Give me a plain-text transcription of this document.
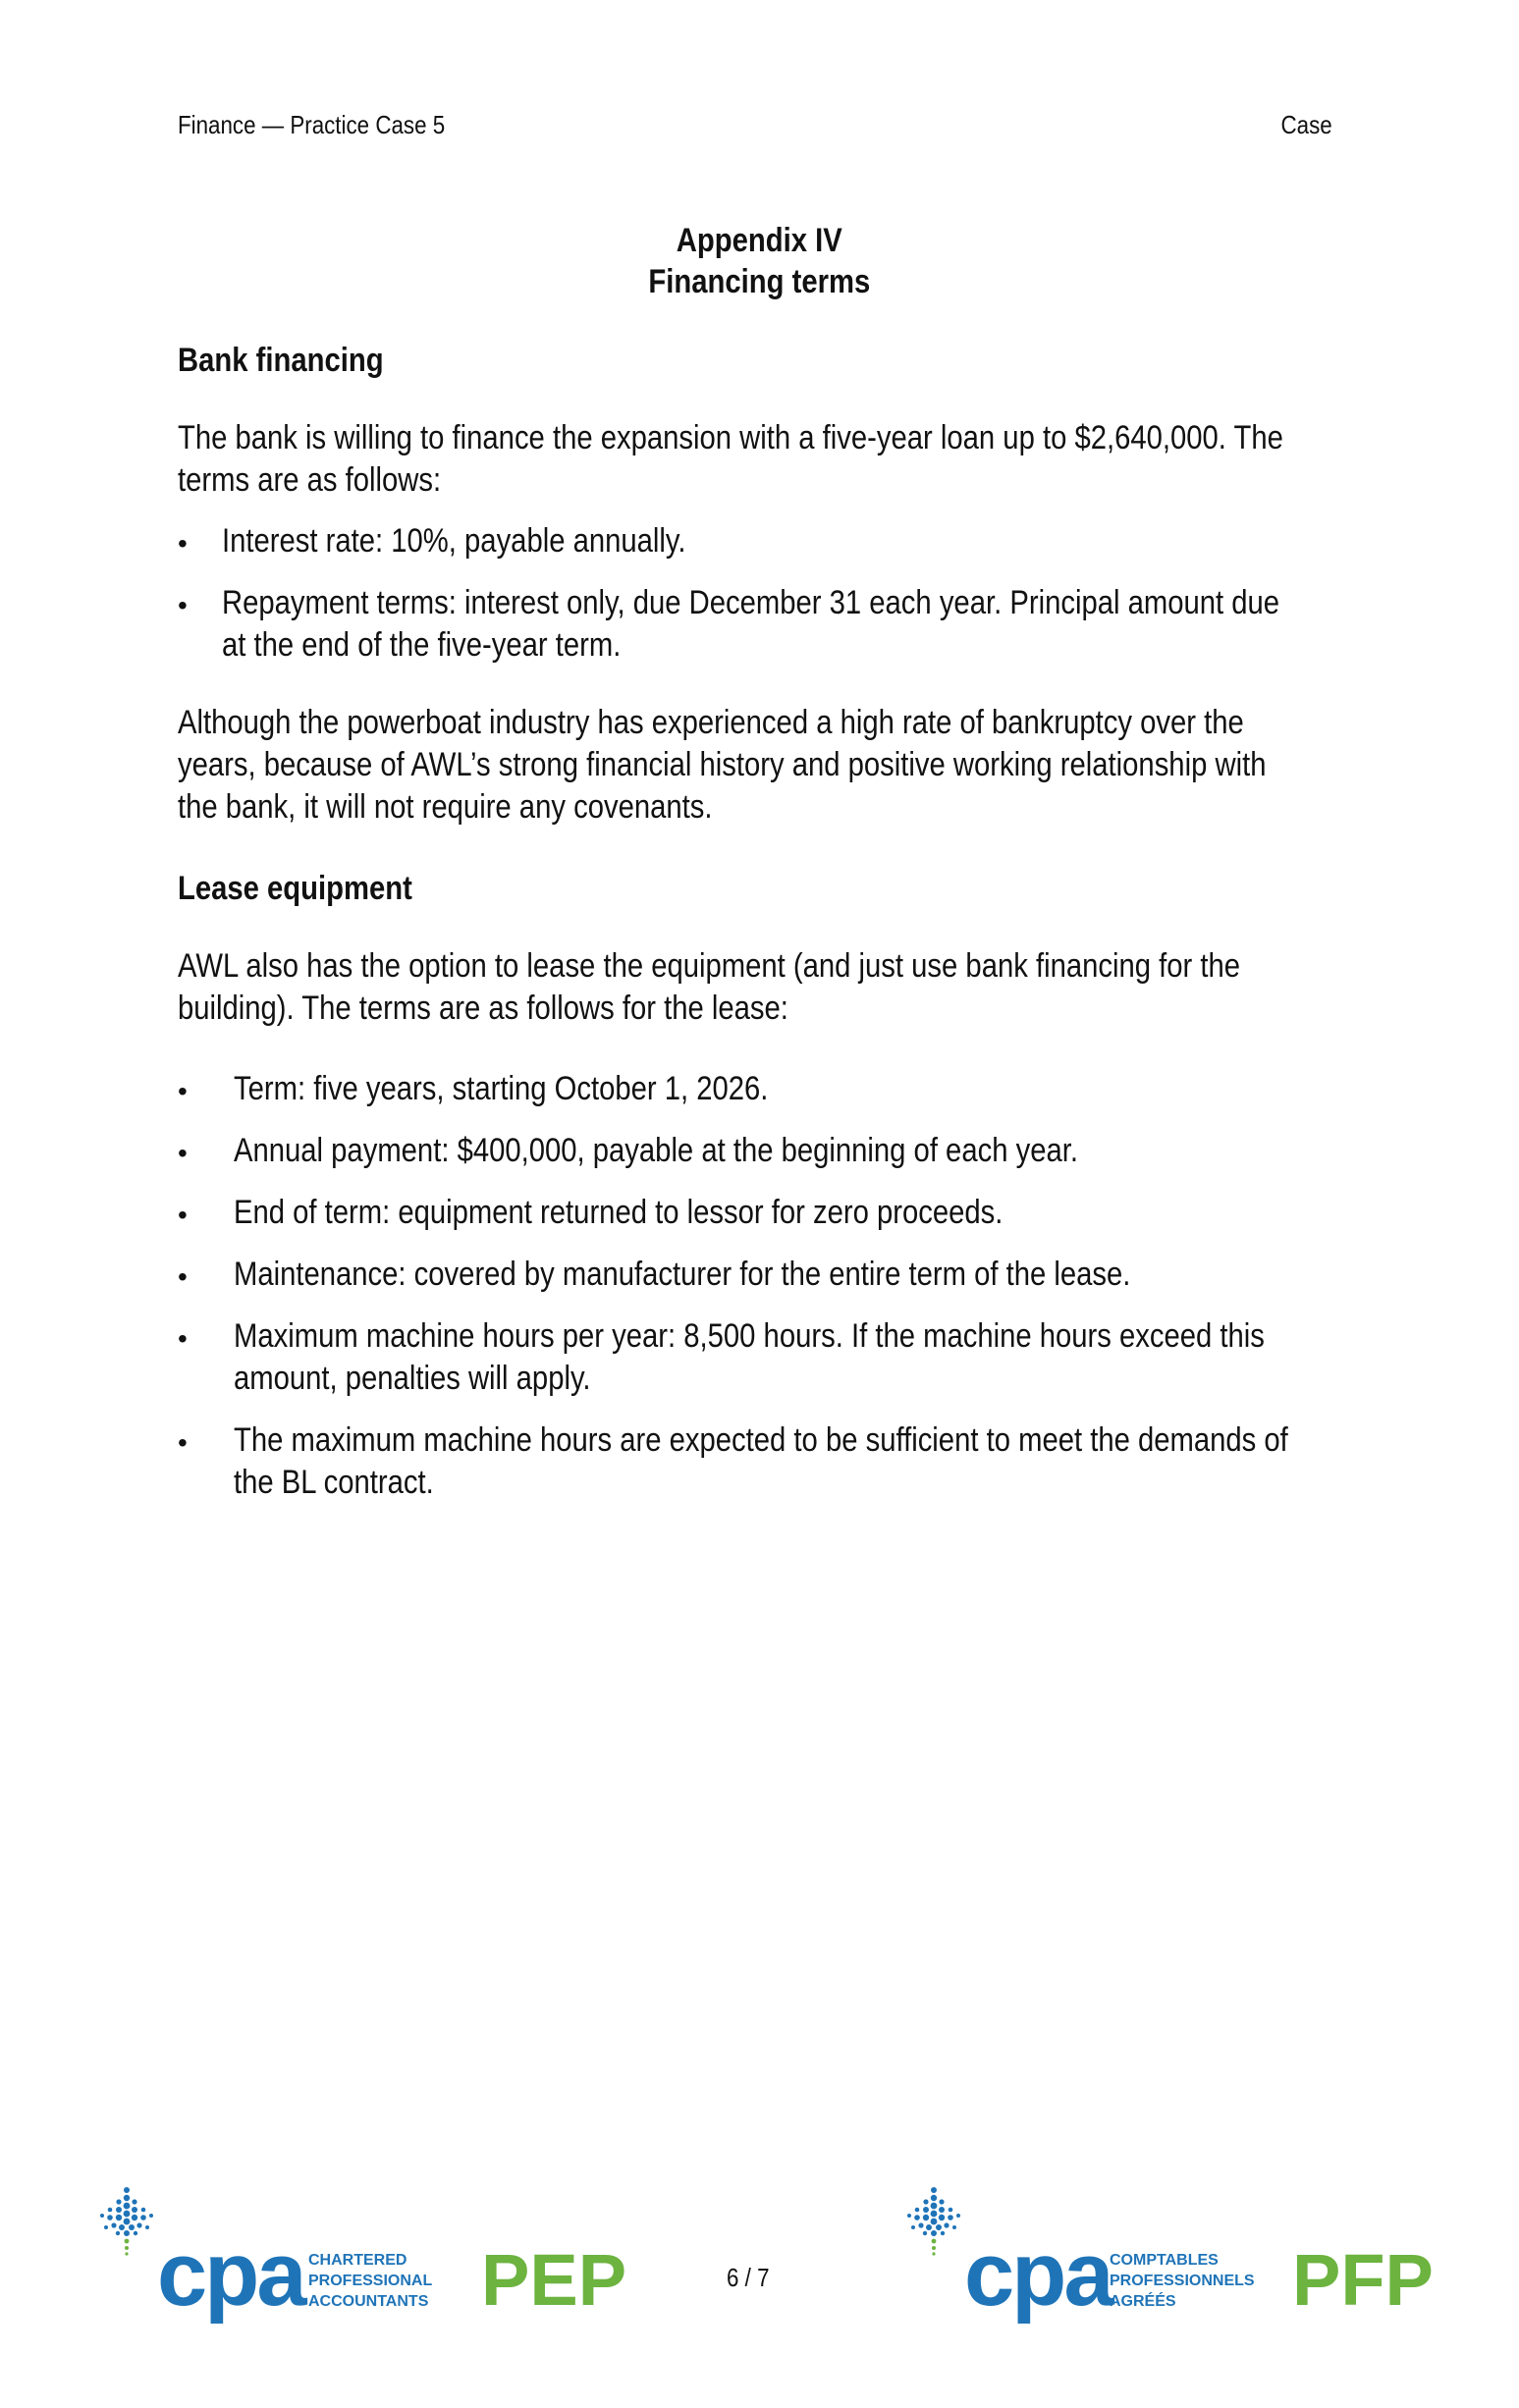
Finance — Practice Case 5	Case
Appendix IV
Financing terms
Bank financing
The bank is willing to finance the expansion with a five-year loan up to $2,640,000. The
terms are as follows:
• Interest rate: 10%, payable annually.
• Repayment terms: interest only, due December 31 each year. Principal amount due
at the end of the five-year term.
Although the powerboat industry has experienced a high rate of bankruptcy over the
years, because of AWL’s strong financial history and positive working relationship with
the bank, it will not require any covenants.
Lease equipment
AWL also has the option to lease the equipment (and just use bank financing for the
building). The terms are as follows for the lease:
• Term: five years, starting October 1, 2026.
• Annual payment: $400,000, payable at the beginning of each year.
• End of term: equipment returned to lessor for zero proceeds.
• Maintenance: covered by manufacturer for the entire term of the lease.
• Maximum machine hours per year: 8,500 hours. If the machine hours exceed this
amount, penalties will apply.
• The maximum machine hours are expected to be sufficient to meet the demands of
the BL contract.
cpa CHARTERED
PROFESSIONAL
ACCOUNTANTS PEP	6 / 7 cpa
COMPTABLES
PROFESSIONNELS
AGRÉÉS	PFP
